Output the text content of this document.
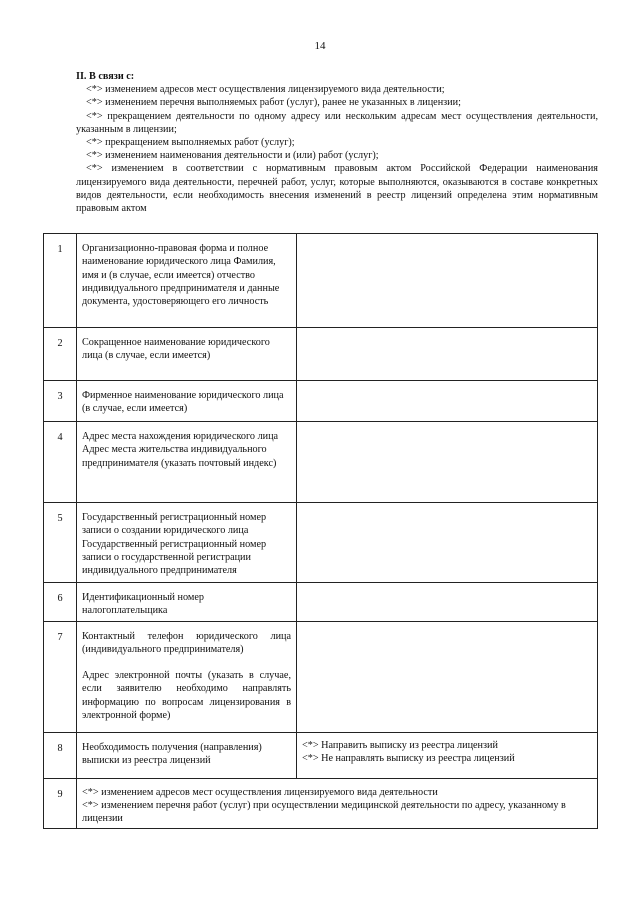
14
II. В связи с:
<*> изменением адресов мест осуществления лицензируемого вида деятельности;
<*> изменением перечня выполняемых работ (услуг), ранее не указанных в лицензии;
<*> прекращением деятельности по одному адресу или нескольким адресам мест осуществления деятельности, указанным в лицензии;
<*> прекращением выполняемых работ (услуг);
<*> изменением наименования деятельности и (или) работ (услуг);
<*> изменением в соответствии с нормативным правовым актом Российской Федерации наименования лицензируемого вида деятельности, перечней работ, услуг, которые выполняются, оказываются в составе конкретных видов деятельности, если необходимость внесения изменений в реестр лицензий определена этим нормативным правовым актом
1	Организационно-правовая форма и полное наименование юридического лица Фамилия, имя и (в случае, если имеется) отчество индивидуального предпринимателя и данные документа, удостоверяющего его личность	
2	Сокращенное наименование юридического лица (в случае, если имеется)	
3	Фирменное наименование юридического лица (в случае, если имеется)	
4	Адрес места нахождения юридического лица Адрес места жительства индивидуального предпринимателя (указать почтовый индекс)	
5	Государственный регистрационный номер записи о создании юридического лица Государственный регистрационный номер записи о государственной регистрации индивидуального предпринимателя	
6	Идентификационный номер налогоплательщика	
7	Контактный телефон юридического лица (индивидуального предпринимателя)
Адрес электронной почты (указать в случае, если заявителю необходимо направлять информацию по вопросам лицензирования в электронной форме)	

8	Необходимость получения (направления) выписки из реестра лицензий	<*> Направить выписку из реестра лицензий
<*> Не направлять выписку из реестра лицензий

9	<*> изменением адресов мест осуществления лицензируемого вида деятельности
<*> изменением перечня работ (услуг) при осуществлении медицинской деятельности по адресу, указанному в лицензии	
